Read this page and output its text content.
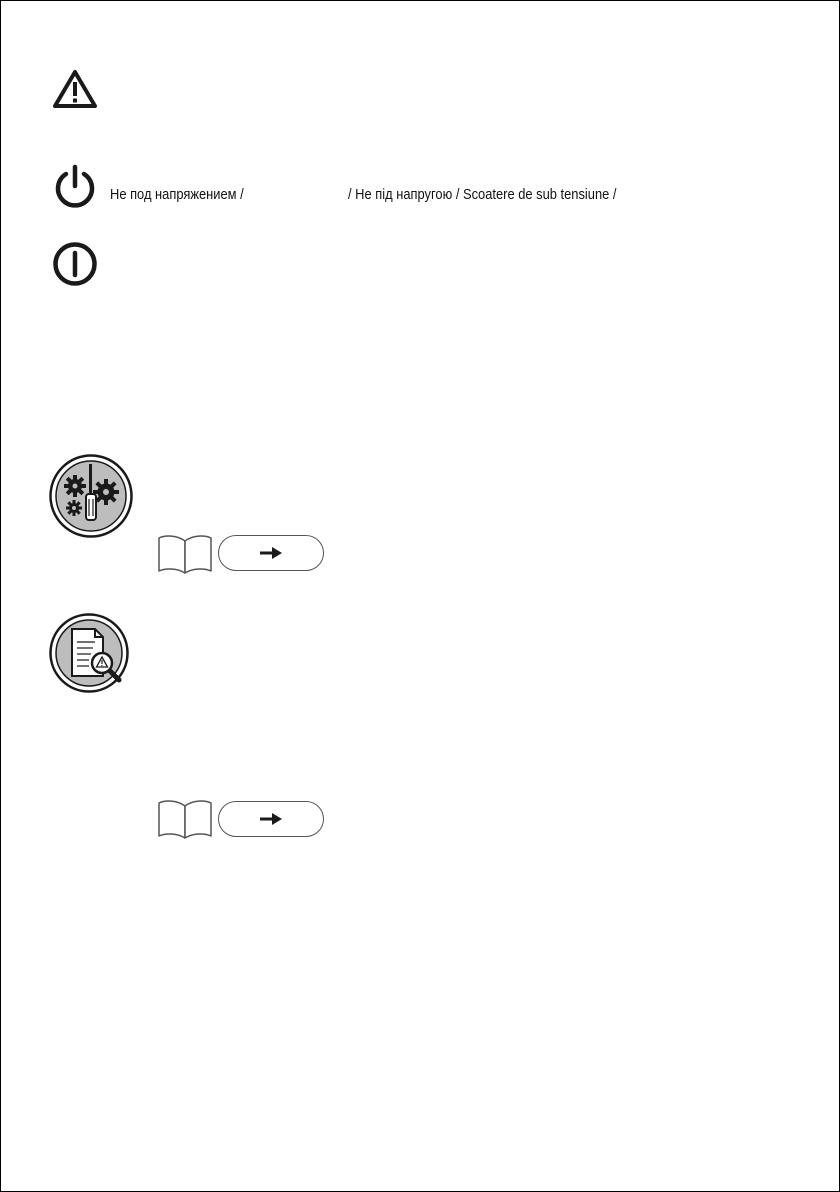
Не под напряжением /	/ Не під напругою / Scoatere de sub tensiune /
